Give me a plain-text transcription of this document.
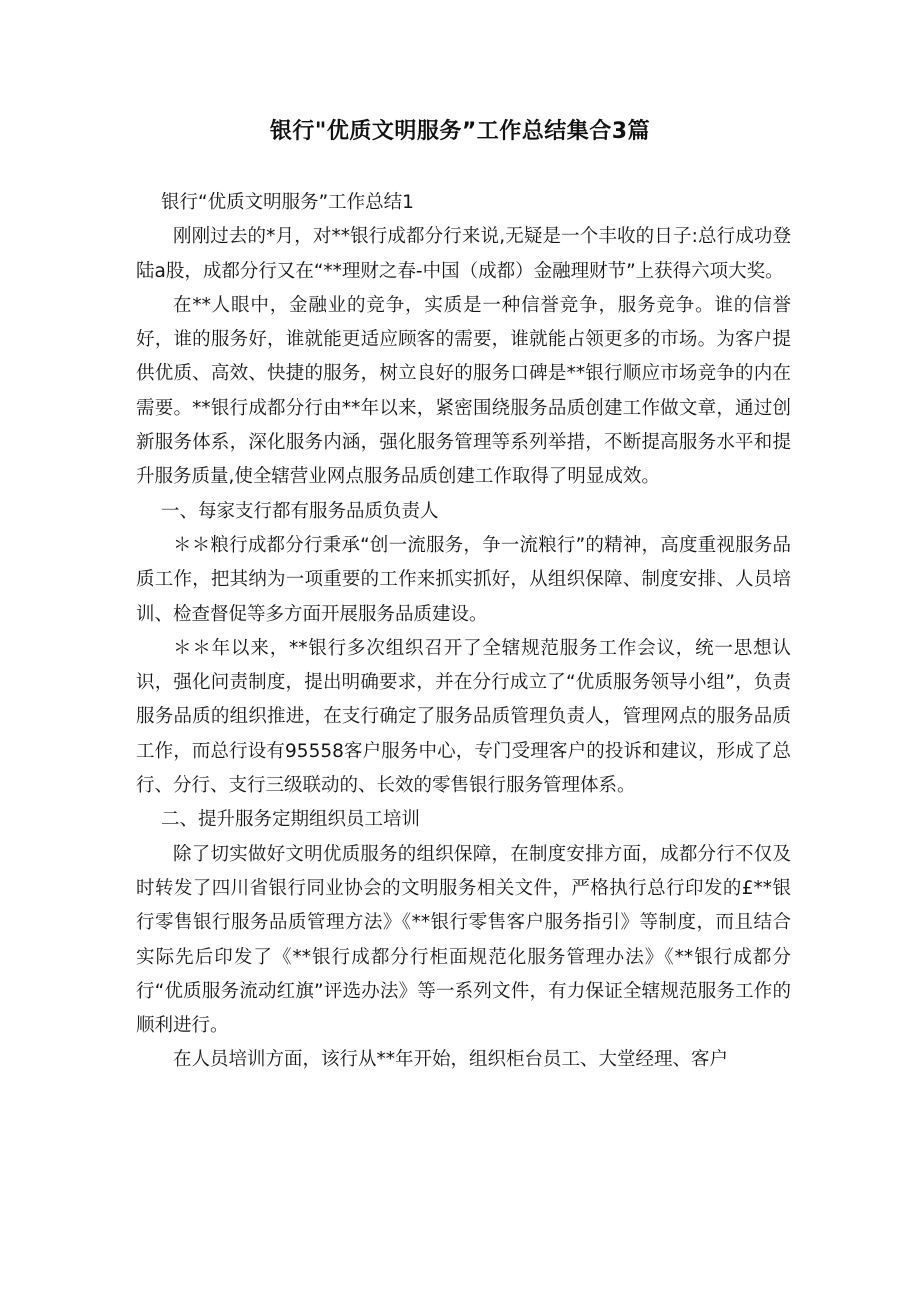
银行"优质文明服务”工作总结集合3篇

银行“优质文明服务”工作总结1

刚刚过去的*月，对**银行成都分行来说,无疑是一个丰收的日子:总行成功登陆a股，成都分行又在“**理财之春-中国（成都）金融理财节”上获得六项大奖。

在**人眼中，金融业的竞争，实质是一种信誉竞争，服务竞争。谁的信誉好，谁的服务好，谁就能更适应顾客的需要，谁就能占领更多的市场。为客户提供优质、高效、快捷的服务，树立良好的服务口碑是**银行顺应市场竞争的内在需要。**银行成都分行由**年以来，紧密围绕服务品质创建工作做文章，通过创新服务体系，深化服务内涵，强化服务管理等系列举措，不断提高服务水平和提升服务质量,使全辖营业网点服务品质创建工作取得了明显成效。

一、每家支行都有服务品质负责人

＊＊粮行成都分行秉承“创一流服务，争一流粮行”的精神，高度重视服务品质工作，把其纳为一项重要的工作来抓实抓好，从组织保障、制度安排、人员培训、检查督促等多方面开展服务品质建设。

＊＊年以来，**银行多次组织召开了全辖规范服务工作会议，统一思想认识，强化问责制度，提出明确要求，并在分行成立了“优质服务领导小组”，负责服务品质的组织推进，在支行确定了服务品质管理负责人，管理网点的服务品质工作，而总行设有95558客户服务中心，专门受理客户的投诉和建议，形成了总行、分行、支行三级联动的、长效的零售银行服务管理体系。

二、提升服务定期组织员工培训

除了切实做好文明优质服务的组织保障，在制度安排方面，成都分行不仅及时转发了四川省银行同业协会的文明服务相关文件，严格执行总行印发的£**银行零售银行服务品质管理方法》《**银行零售客户服务指引》等制度，而且结合实际先后印发了《**银行成都分行柜面规范化服务管理办法》《**银行成都分行“优质服务流动红旗”评选办法》等一系列文件，有力保证全辖规范服务工作的顺利进行。

在人员培训方面，该行从**年开始，组织柜台员工、大堂经理、客户
